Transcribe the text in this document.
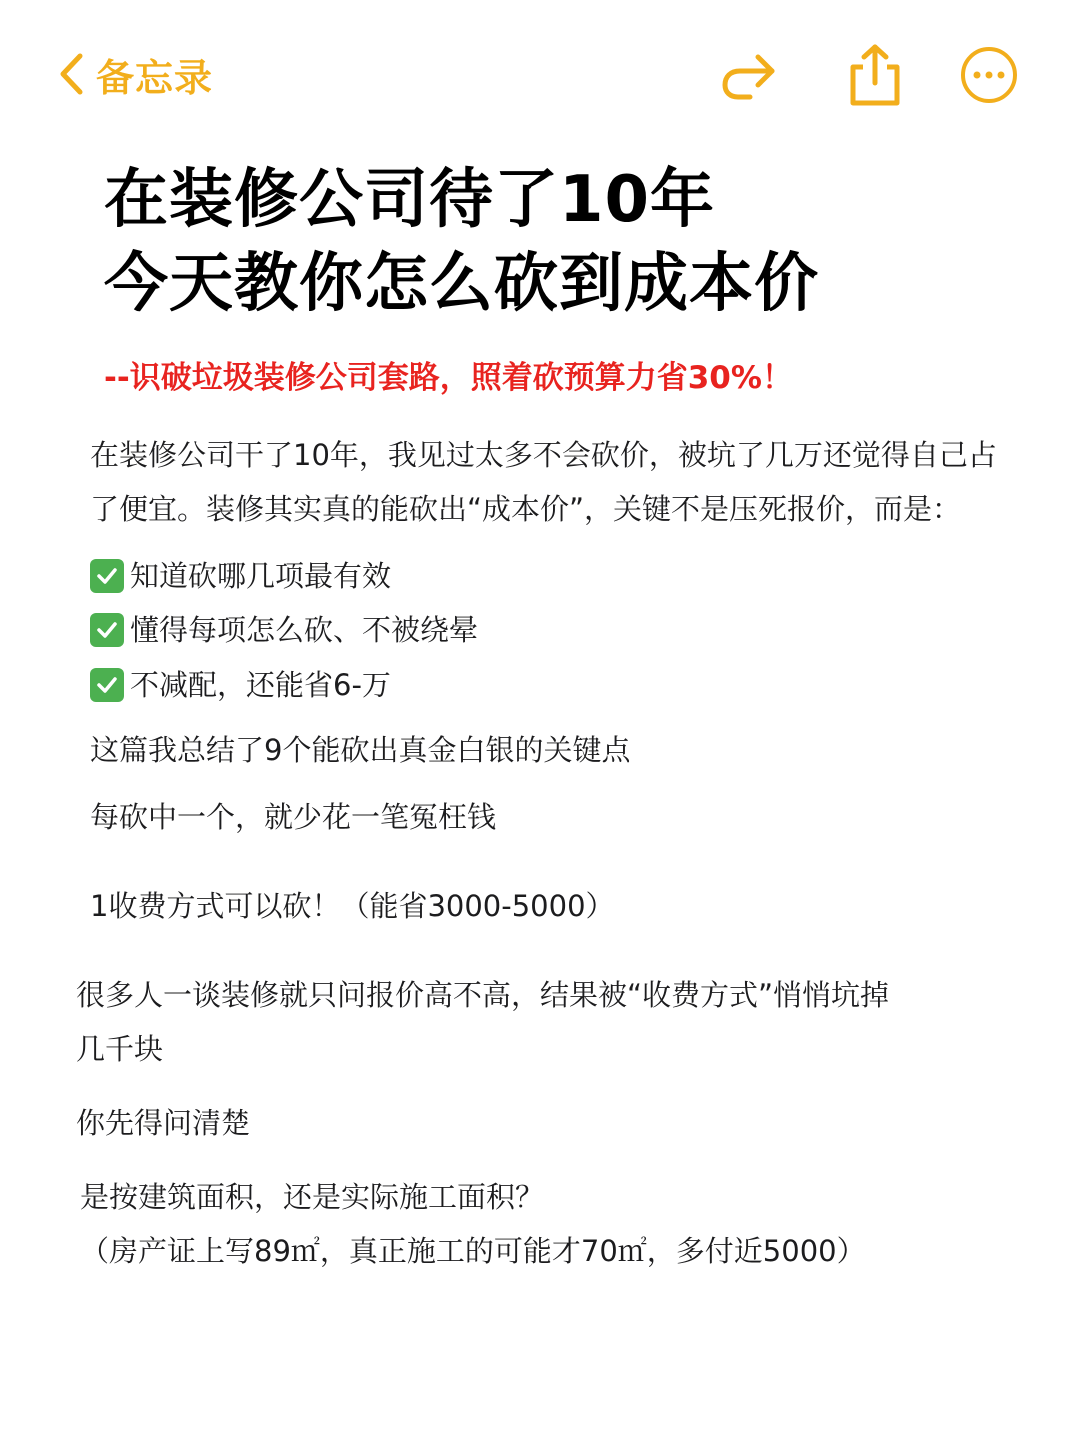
备忘录
在装修公司待了10年
今天教你怎么砍到成本价
--识破垃圾装修公司套路，照着砍预算力省30%！
在装修公司干了10年，我见过太多不会砍价，被坑了几万还觉得自己占
了便宜。装修其实真的能砍出“成本价”，关键不是压死报价，而是：
知道砍哪几项最有效
懂得每项怎么砍、不被绕晕
不减配，还能省6-万
这篇我总结了9个能砍出真金白银的关键点
每砍中一个，就少花一笔冤枉钱
1收费方式可以砍！（能省3000-5000）
很多人一谈装修就只问报价高不高，结果被“收费方式”悄悄坑掉
几千块
你先得问清楚
是按建筑面积，还是实际施工面积？
（房产证上写89㎡，真正施工的可能才70㎡，多付近5000）
